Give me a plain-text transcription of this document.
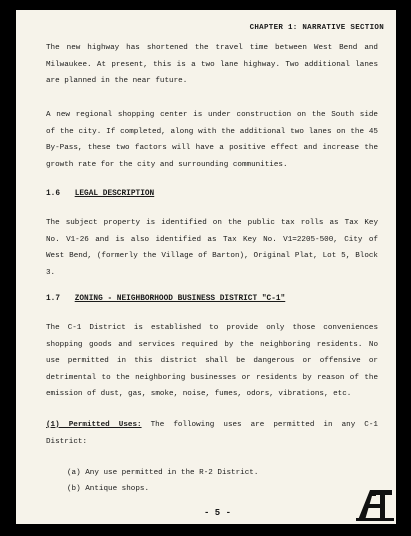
CHAPTER 1: NARRATIVE SECTION
The new highway has shortened the travel time between West Bend and Milwaukee. At present, this is a two lane highway. Two additional lanes are planned in the near future.
A new regional shopping center is under construction on the South side of the city. If completed, along with the additional two lanes on the 45 By-Pass, these two factors will have a positive effect and increase the growth rate for the city and surrounding communities.
1.6 LEGAL DESCRIPTION
The subject property is identified on the public tax rolls as Tax Key No. V1-26 and is also identified as Tax Key No. V1=2205-500, City of West Bend, (formerly the Village of Barton), Original Plat, Lot 5, Block 3.
1.7 ZONING - NEIGHBORHOOD BUSINESS DISTRICT "C-1"
The C-1 District is established to provide only those conveniences shopping goods and services required by the neighboring residents. No use permitted in this district shall be dangerous or offensive or detrimental to the neighboring businesses or residents by reason of the emission of dust, gas, smoke, noise, fumes, odors, vibrations, etc.
(1) Permitted Uses: The following uses are permitted in any C-1 District:
(a) Any use permitted in the R-2 District.
(b) Antique shops.
- 5 -
